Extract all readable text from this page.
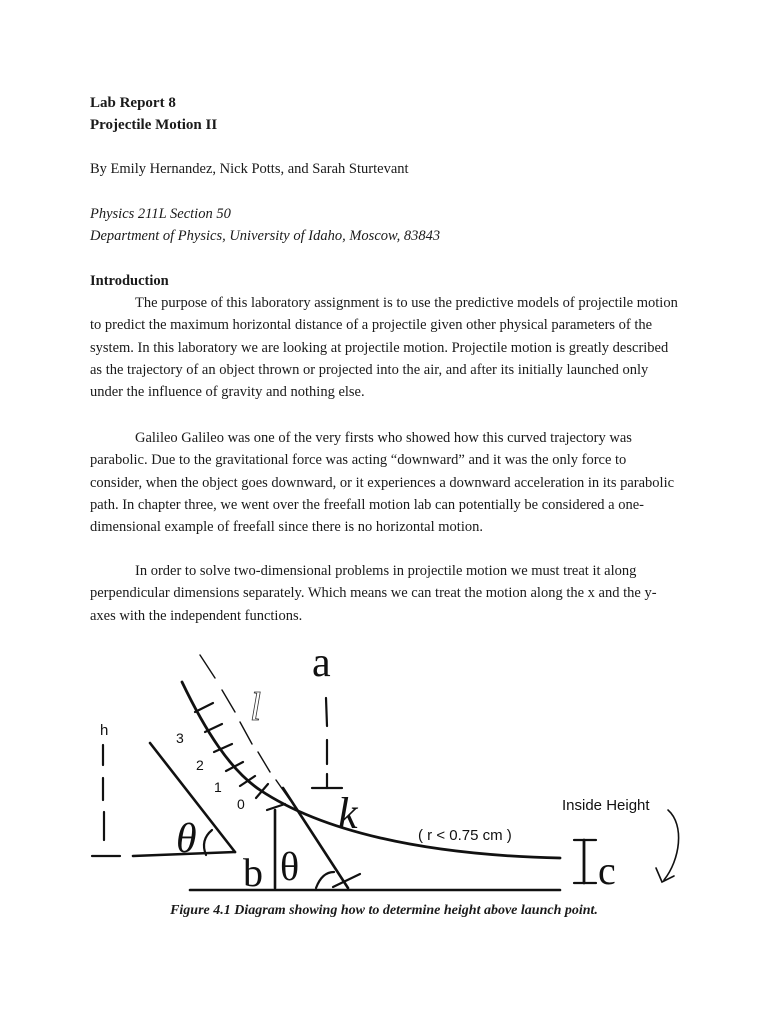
Lab Report 8
Projectile Motion II
By Emily Hernandez, Nick Potts, and Sarah Sturtevant
Physics 211L Section 50
Department of Physics, University of Idaho, Moscow, 83843
Introduction

The purpose of this laboratory assignment is to use the predictive models of projectile motion to predict the maximum horizontal distance of a projectile given other physical parameters of the system. In this laboratory we are looking at projectile motion. Projectile motion is greatly described as the trajectory of an object thrown or projected into the air, and after its initially launched only under the influence of gravity and nothing else.

Galileo Galileo was one of the very firsts who showed how this curved trajectory was parabolic. Due to the gravitational force was acting “downward” and it was the only force to consider, when the object goes downward, or it experiences a downward acceleration in its parabolic path. In chapter three, we went over the freefall motion lab can potentially be considered a one-dimensional example of freefall since there is no horizontal motion.

In order to solve two-dimensional problems in projectile motion we must treat it along perpendicular dimensions separately. Which means we can treat the motion along the x and the y-axes with the independent functions.

h	3
2
1
0
θ
b θ
a
k
l
c
( r < 0.75 cm )
Inside Height
Figure 4.1 Diagram showing how to determine height above launch point.
